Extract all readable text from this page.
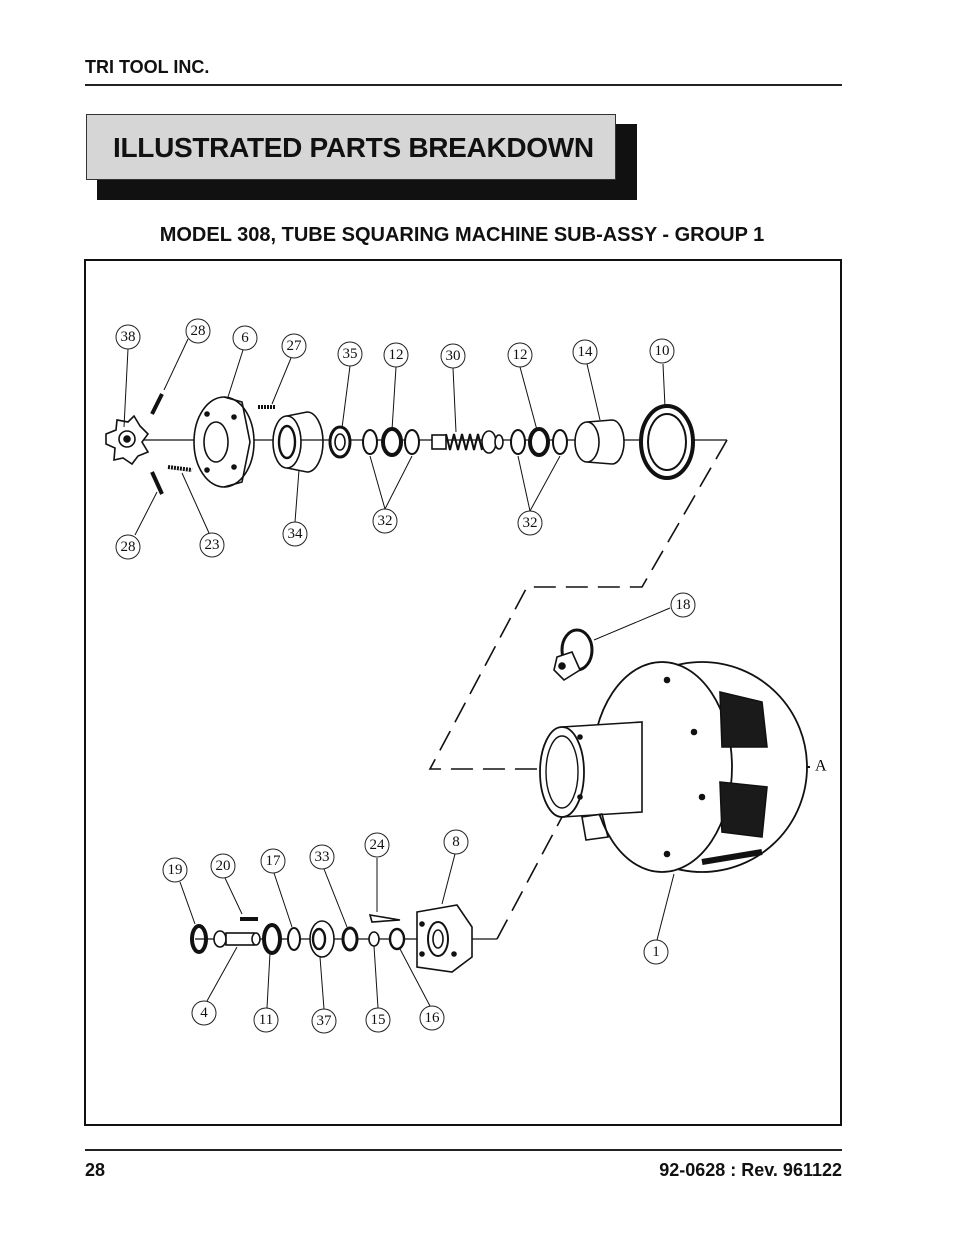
TRI TOOL INC.
ILLUSTRATED PARTS BREAKDOWN
MODEL 308, TUBE SQUARING MACHINE SUB-ASSY - GROUP 1
38	28 6	27	35 12	30	12	14	10
28	23
34
32	32
18
1
19 20 17 33
24	8
4	11	37	15	16
A
28	92-0628 : Rev. 961122
